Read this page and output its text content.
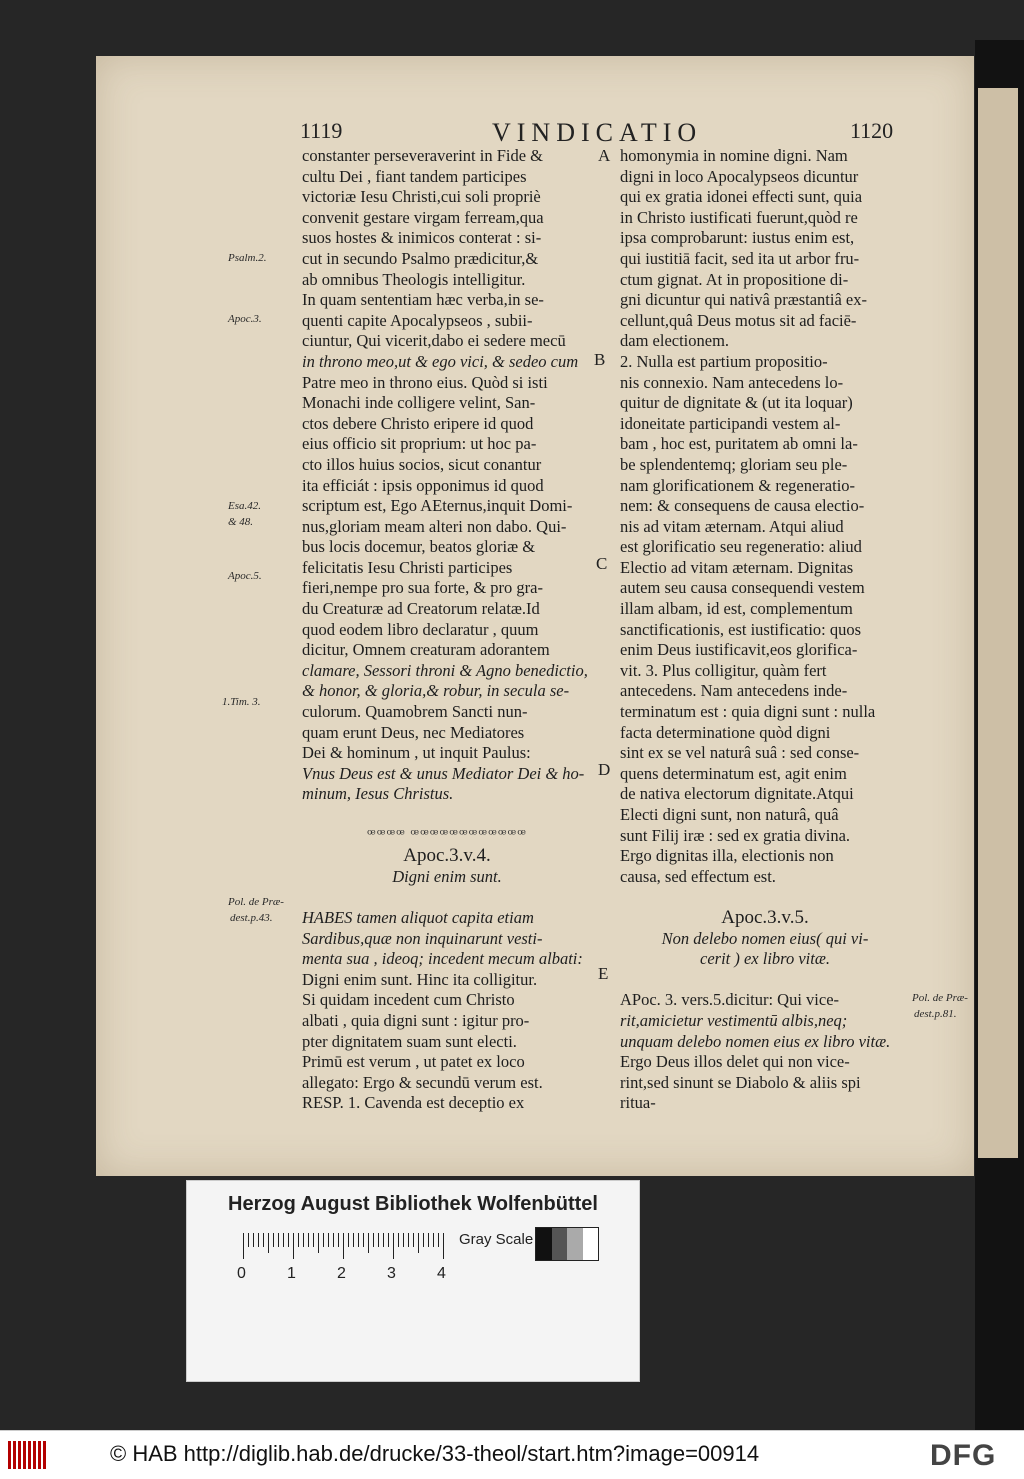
1119	VINDICATIO	1120
constanter perseveraverint in Fide &
cultu Dei , fiant tandem participes
victoriæ Iesu Christi,cui soli propriè
convenit gestare virgam ferream,qua
suos hostes & inimicos conterat : si-
cut in secundo Psalmo prædicitur,&
ab omnibus Theologis intelligitur.
In quam sententiam hæc verba,in se-
quenti capite Apocalypseos , subii-
ciuntur, Qui vicerit,dabo ei sedere mecū
in throno meo,ut & ego vici, & sedeo cum
Patre meo in throno eius. Quòd si isti
Monachi inde colligere velint, San-
ctos debere Christo eripere id quod
eius officio sit proprium: ut hoc pa-
cto illos huius socios, sicut conantur
ita efficiát : ipsis opponimus id quod
scriptum est, Ego AEternus,inquit Domi-
nus,gloriam meam alteri non dabo. Qui-
bus locis docemur, beatos gloriæ &
felicitatis Iesu Christi participes
fieri,nempe pro sua forte, & pro gra-
du Creaturæ ad Creatorum relatæ.Id
quod eodem libro declaratur , quum
dicitur, Omnem creaturam adorantem
clamare, Sessori throni & Agno benedictio,
& honor, & gloria,& robur, in secula se-
culorum. Quamobrem Sancti nun-
quam erunt Deus, nec Mediatores
Dei & hominum , ut inquit Paulus:
Vnus Deus est & unus Mediator Dei & ho-
minum, Iesus Christus.
ꟹꟹꟹꟹ ꟹꟹꟹꟹꟹꟹꟹꟹꟹꟹꟹꟹ
Apoc.3.v.4.
Digni enim sunt.
HABES tamen aliquot capita etiam
Sardibus,quæ non inquinarunt vesti-
menta sua , ideoq; incedent mecum albati:
Digni enim sunt. Hinc ita colligitur.
Si quidam incedent cum Christo
albati , quia digni sunt : igitur pro-
pter dignitatem suam sunt electi.
Primū est verum , ut patet ex loco
allegato: Ergo & secundū verum est.
RESP. 1. Cavenda est deceptio ex
homonymia in nomine digni. Nam
digni in loco Apocalypseos dicuntur
qui ex gratia idonei effecti sunt, quia
in Christo iustificati fuerunt,quòd re
ipsa comprobarunt: iustus enim est,
qui iustitiā facit, sed ita ut arbor fru-
ctum gignat. At in propositione di-
gni dicuntur qui nativâ præstantiâ ex-
cellunt,quâ Deus motus sit ad faciē-
dam electionem.
2. Nulla est partium propositio-
nis connexio. Nam antecedens lo-
quitur de dignitate & (ut ita loquar)
idoneitate participandi vestem al-
bam , hoc est, puritatem ab omni la-
be splendentemq; gloriam seu ple-
nam glorificationem & regeneratio-
nem: & consequens de causa electio-
nis ad vitam æternam. Atqui aliud
est glorificatio seu regeneratio: aliud
Electio ad vitam æternam. Dignitas
autem seu causa consequendi vestem
illam albam, id est, complementum
sanctificationis, est iustificatio: quos
enim Deus iustificavit,eos glorifica-
vit. 3. Plus colligitur, quàm fert
antecedens. Nam antecedens inde-
terminatum est : quia digni sunt : nulla
facta determinatione quòd digni
sint ex se vel naturâ suâ : sed conse-
quens determinatum est, agit enim
de nativa electorum dignitate.Atqui
Electi digni sunt, non naturâ, quâ
sunt Filij iræ : sed ex gratia divina.
Ergo dignitas illa, electionis non
causa, sed effectum est.
Apoc.3.v.5.
Non delebo nomen eius( qui vi-
cerit ) ex libro vitæ.
APoc. 3. vers.5.dicitur: Qui vice-
rit,amicietur vestimentū albis,neq;
unquam delebo nomen eius ex libro vitæ.
Ergo Deus illos delet qui non vice-
rint,sed sinunt se Diabolo & aliis spi
ritua-
Psalm.2.
Apoc.3.
Esa.42.
& 48.
Apoc.5.
1.Tim. 3.
Pol. de Præ-
dest.p.43.
Pol. de Præ-
dest.p.81.
A
B
C
D
E
Herzog August Bibliothek Wolfenbüttel
Gray Scale
0	1	2	3	4
© HAB http://diglib.hab.de/drucke/33-theol/start.htm?image=00914	DFG
